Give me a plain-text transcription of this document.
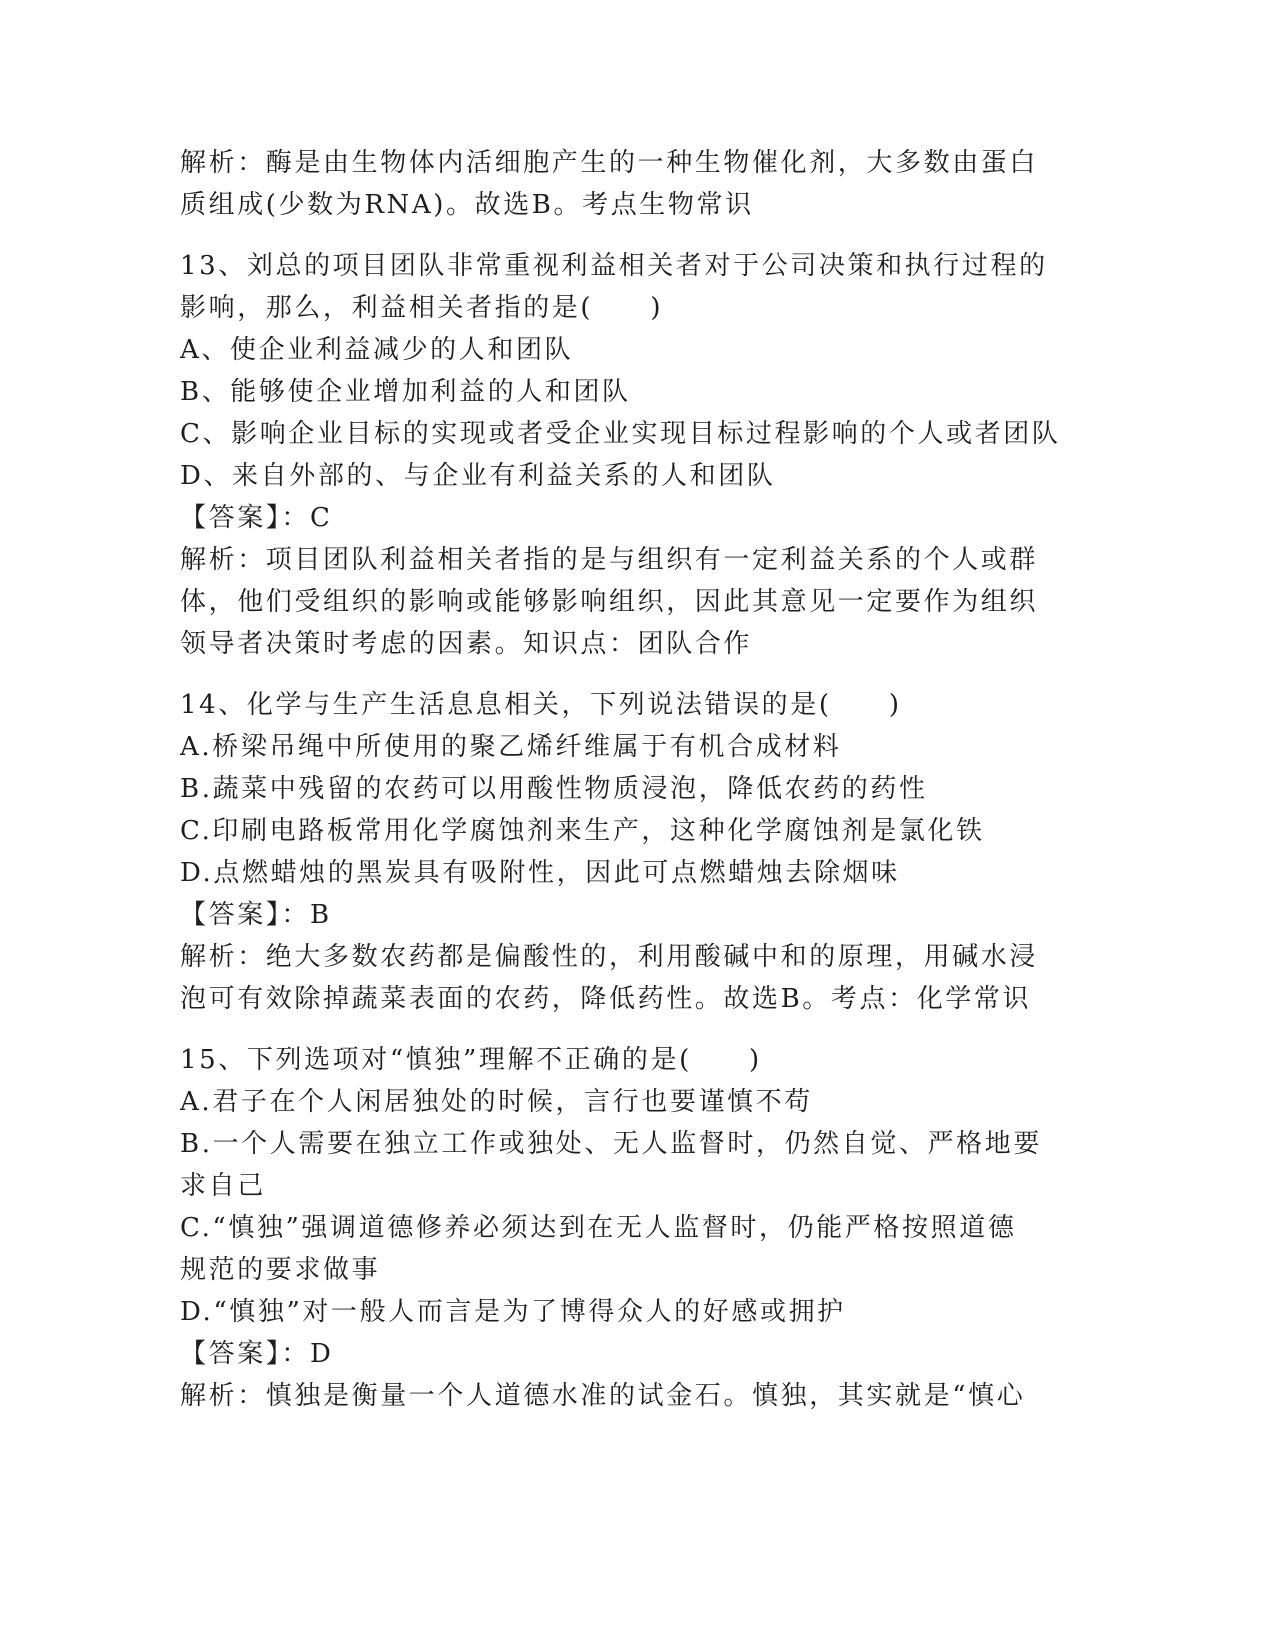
解析：酶是由生物体内活细胞产生的一种生物催化剂，大多数由蛋白
质组成(少数为RNA)。故选B。考点生物常识
13、刘总的项目团队非常重视利益相关者对于公司决策和执行过程的
影响，那么，利益相关者指的是(　　)
A、使企业利益减少的人和团队
B、能够使企业增加利益的人和团队
C、影响企业目标的实现或者受企业实现目标过程影响的个人或者团队
D、来自外部的、与企业有利益关系的人和团队
【答案】：C
解析：项目团队利益相关者指的是与组织有一定利益关系的个人或群
体，他们受组织的影响或能够影响组织，因此其意见一定要作为组织
领导者决策时考虑的因素。知识点：团队合作
14、化学与生产生活息息相关，下列说法错误的是(　　)
A.桥梁吊绳中所使用的聚乙烯纤维属于有机合成材料
B.蔬菜中残留的农药可以用酸性物质浸泡，降低农药的药性
C.印刷电路板常用化学腐蚀剂来生产，这种化学腐蚀剂是氯化铁
D.点燃蜡烛的黑炭具有吸附性，因此可点燃蜡烛去除烟味
【答案】：B
解析：绝大多数农药都是偏酸性的，利用酸碱中和的原理，用碱水浸
泡可有效除掉蔬菜表面的农药，降低药性。故选B。考点：化学常识
15、下列选项对“慎独”理解不正确的是(　　)
A.君子在个人闲居独处的时候，言行也要谨慎不苟
B.一个人需要在独立工作或独处、无人监督时，仍然自觉、严格地要
求自己
C.“慎独”强调道德修养必须达到在无人监督时，仍能严格按照道德
规范的要求做事
D.“慎独”对一般人而言是为了博得众人的好感或拥护
【答案】：D
解析：慎独是衡量一个人道德水准的试金石。慎独，其实就是“慎心
